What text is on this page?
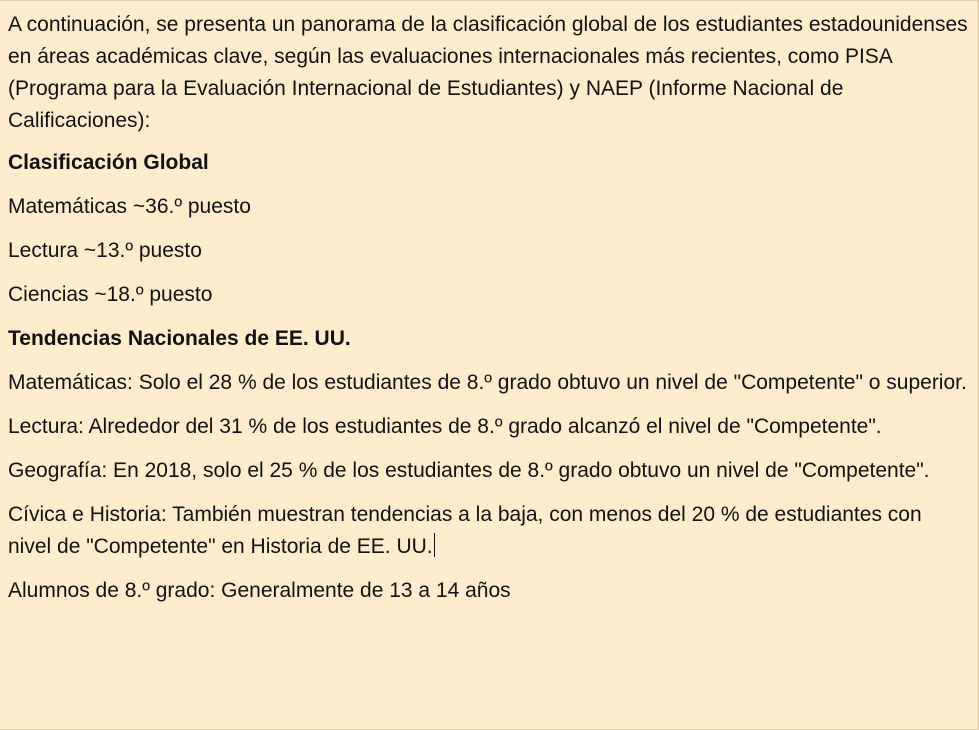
A continuación, se presenta un panorama de la clasificación global de los estudiantes estadounidenses en áreas académicas clave, según las evaluaciones internacionales más recientes, como PISA (Programa para la Evaluación Internacional de Estudiantes) y NAEP (Informe Nacional de Calificaciones):

Clasificación Global

Matemáticas ~36.º puesto

Lectura ~13.º puesto

Ciencias ~18.º puesto

Tendencias Nacionales de EE. UU.

Matemáticas: Solo el 28 % de los estudiantes de 8.º grado obtuvo un nivel de "Competente" o superior.

Lectura: Alrededor del 31 % de los estudiantes de 8.º grado alcanzó el nivel de "Competente".

Geografía: En 2018, solo el 25 % de los estudiantes de 8.º grado obtuvo un nivel de "Competente".

Cívica e Historia: También muestran tendencias a la baja, con menos del 20 % de estudiantes con nivel de "Competente" en Historia de EE. UU.

Alumnos de 8.º grado: Generalmente de 13 a 14 años
